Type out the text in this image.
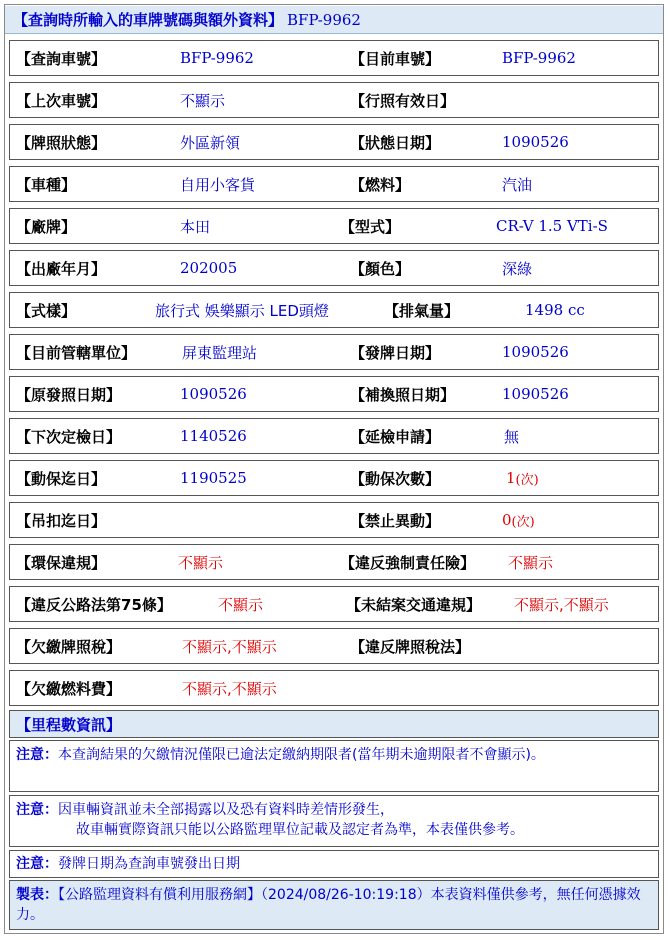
【查詢時所輸入的車牌號碼與額外資料】 BFP-9962
【查詢車號】	BFP-9962	【目前車號】	BFP-9962
【上次車號】	不顯示	【行照有效日】
【牌照狀態】	外區新領	【狀態日期】	1090526
【車種】	自用小客貨	【燃料】	汽油
【廠牌】	本田	【型式】	CR-V 1.5 VTi-S
【出廠年月】	202005	【顏色】	深綠
【式樣】	旅行式 娛樂顯示 LED頭燈	【排氣量】	1498 cc
【目前管轄單位】	屏東監理站	【發牌日期】	1090526
【原發照日期】	1090526	【補換照日期】	1090526
【下次定檢日】	1140526	【延檢申請】	無
【動保迄日】	1190525	【動保次數】	1 (次)
【吊扣迄日】	【禁止異動】	0 (次)
【環保違規】	不顯示	【違反強制責任險】 不顯示
【違反公路法第75條】	不顯示	【未結案交通違規】 不顯示,不顯示
【欠繳牌照稅】	不顯示,不顯示	【違反牌照稅法】
【欠繳燃料費】	不顯示,不顯示
【里程數資訊】
注意：本查詢結果的欠繳情況僅限已逾法定繳納期限者(當年期未逾期限者不會顯示)。
注意：因車輛資訊並未全部揭露以及恐有資料時差情形發生，
故車輛實際資訊只能以公路監理單位記載及認定者為準，本表僅供參考。
注意：發牌日期為查詢車號發出日期
製表：【公路監理資料有償利用服務網】（2024/08/26-10:19:18）本表資料僅供參考，無任何憑據效力。
